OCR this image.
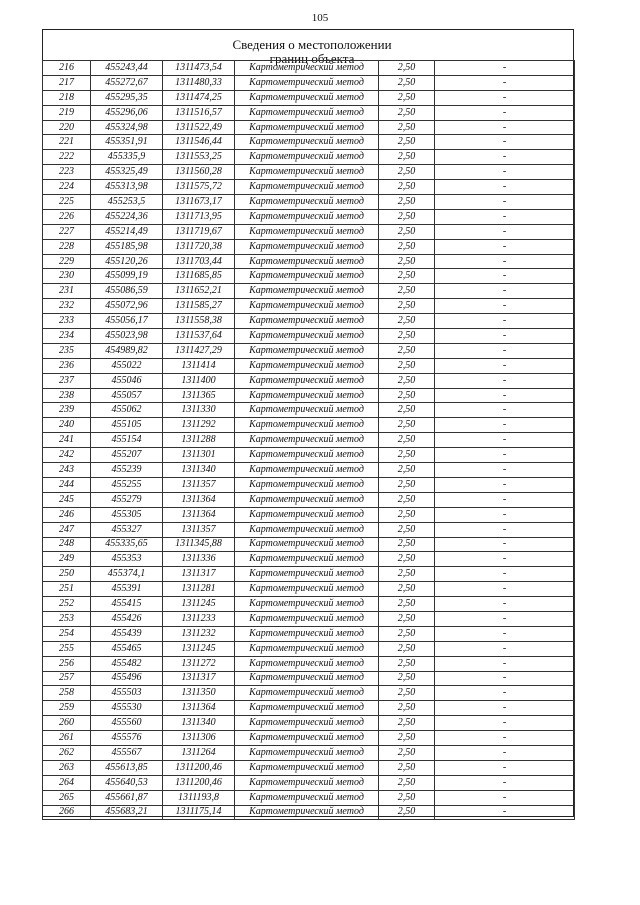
105
Сведения о местоположении границ объекта
216	455243,44	1311473,54	Картометрический метод	2,50	-
217	455272,67	1311480,33	Картометрический метод	2,50	-
218	455295,35	1311474,25	Картометрический метод	2,50	-
219	455296,06	1311516,57	Картометрический метод	2,50	-
220	455324,98	1311522,49	Картометрический метод	2,50	-
221	455351,91	1311546,44	Картометрический метод	2,50	-
222	455335,9	1311553,25	Картометрический метод	2,50	-
223	455325,49	1311560,28	Картометрический метод	2,50	-
224	455313,98	1311575,72	Картометрический метод	2,50	-
225	455253,5	1311673,17	Картометрический метод	2,50	-
226	455224,36	1311713,95	Картометрический метод	2,50	-
227	455214,49	1311719,67	Картометрический метод	2,50	-
228	455185,98	1311720,38	Картометрический метод	2,50	-
229	455120,26	1311703,44	Картометрический метод	2,50	-
230	455099,19	1311685,85	Картометрический метод	2,50	-
231	455086,59	1311652,21	Картометрический метод	2,50	-
232	455072,96	1311585,27	Картометрический метод	2,50	-
233	455056,17	1311558,38	Картометрический метод	2,50	-
234	455023,98	1311537,64	Картометрический метод	2,50	-
235	454989,82	1311427,29	Картометрический метод	2,50	-
236	455022	1311414	Картометрический метод	2,50	-
237	455046	1311400	Картометрический метод	2,50	-
238	455057	1311365	Картометрический метод	2,50	-
239	455062	1311330	Картометрический метод	2,50	-
240	455105	1311292	Картометрический метод	2,50	-
241	455154	1311288	Картометрический метод	2,50	-
242	455207	1311301	Картометрический метод	2,50	-
243	455239	1311340	Картометрический метод	2,50	-
244	455255	1311357	Картометрический метод	2,50	-
245	455279	1311364	Картометрический метод	2,50	-
246	455305	1311364	Картометрический метод	2,50	-
247	455327	1311357	Картометрический метод	2,50	-
248	455335,65	1311345,88	Картометрический метод	2,50	-
249	455353	1311336	Картометрический метод	2,50	-
250	455374,1	1311317	Картометрический метод	2,50	-
251	455391	1311281	Картометрический метод	2,50	-
252	455415	1311245	Картометрический метод	2,50	-
253	455426	1311233	Картометрический метод	2,50	-
254	455439	1311232	Картометрический метод	2,50	-
255	455465	1311245	Картометрический метод	2,50	-
256	455482	1311272	Картометрический метод	2,50	-
257	455496	1311317	Картометрический метод	2,50	-
258	455503	1311350	Картометрический метод	2,50	-
259	455530	1311364	Картометрический метод	2,50	-
260	455560	1311340	Картометрический метод	2,50	-
261	455576	1311306	Картометрический метод	2,50	-
262	455567	1311264	Картометрический метод	2,50	-
263	455613,85	1311200,46	Картометрический метод	2,50	-
264	455640,53	1311200,46	Картометрический метод	2,50	-
265	455661,87	1311193,8	Картометрический метод	2,50	-
266	455683,21	1311175,14	Картометрический метод	2,50	-
